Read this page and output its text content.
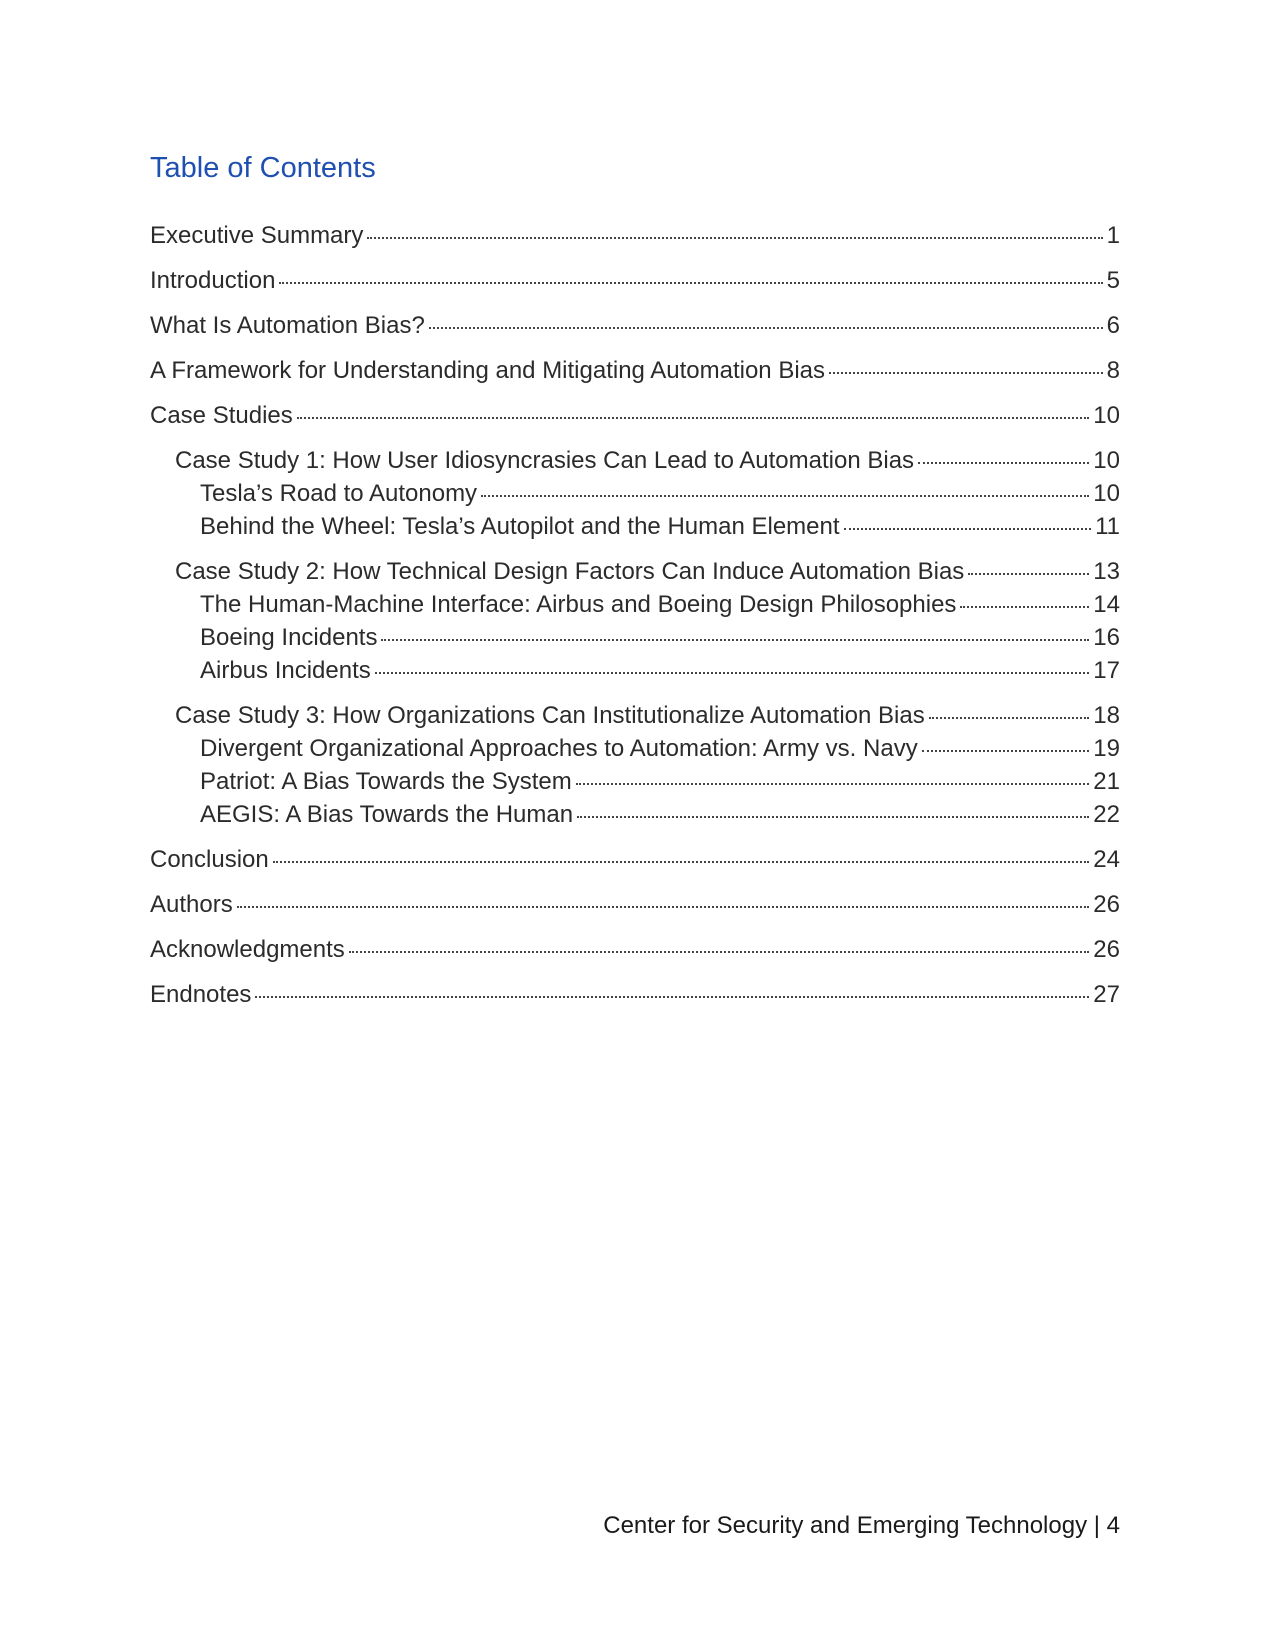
Table of Contents
Executive Summary	1
Introduction	5
What Is Automation Bias?	6
A Framework for Understanding and Mitigating Automation Bias	8
Case Studies	10
Case Study 1: How User Idiosyncrasies Can Lead to Automation Bias	10
Tesla’s Road to Autonomy	10
Behind the Wheel: Tesla’s Autopilot and the Human Element	11
Case Study 2: How Technical Design Factors Can Induce Automation Bias	13
The Human-Machine Interface: Airbus and Boeing Design Philosophies	14
Boeing Incidents	16
Airbus Incidents	17
Case Study 3: How Organizations Can Institutionalize Automation Bias	18
Divergent Organizational Approaches to Automation: Army vs. Navy	19
Patriot: A Bias Towards the System	21
AEGIS: A Bias Towards the Human	22
Conclusion	24
Authors	26
Acknowledgments	26
Endnotes	27
Center for Security and Emerging Technology | 4
